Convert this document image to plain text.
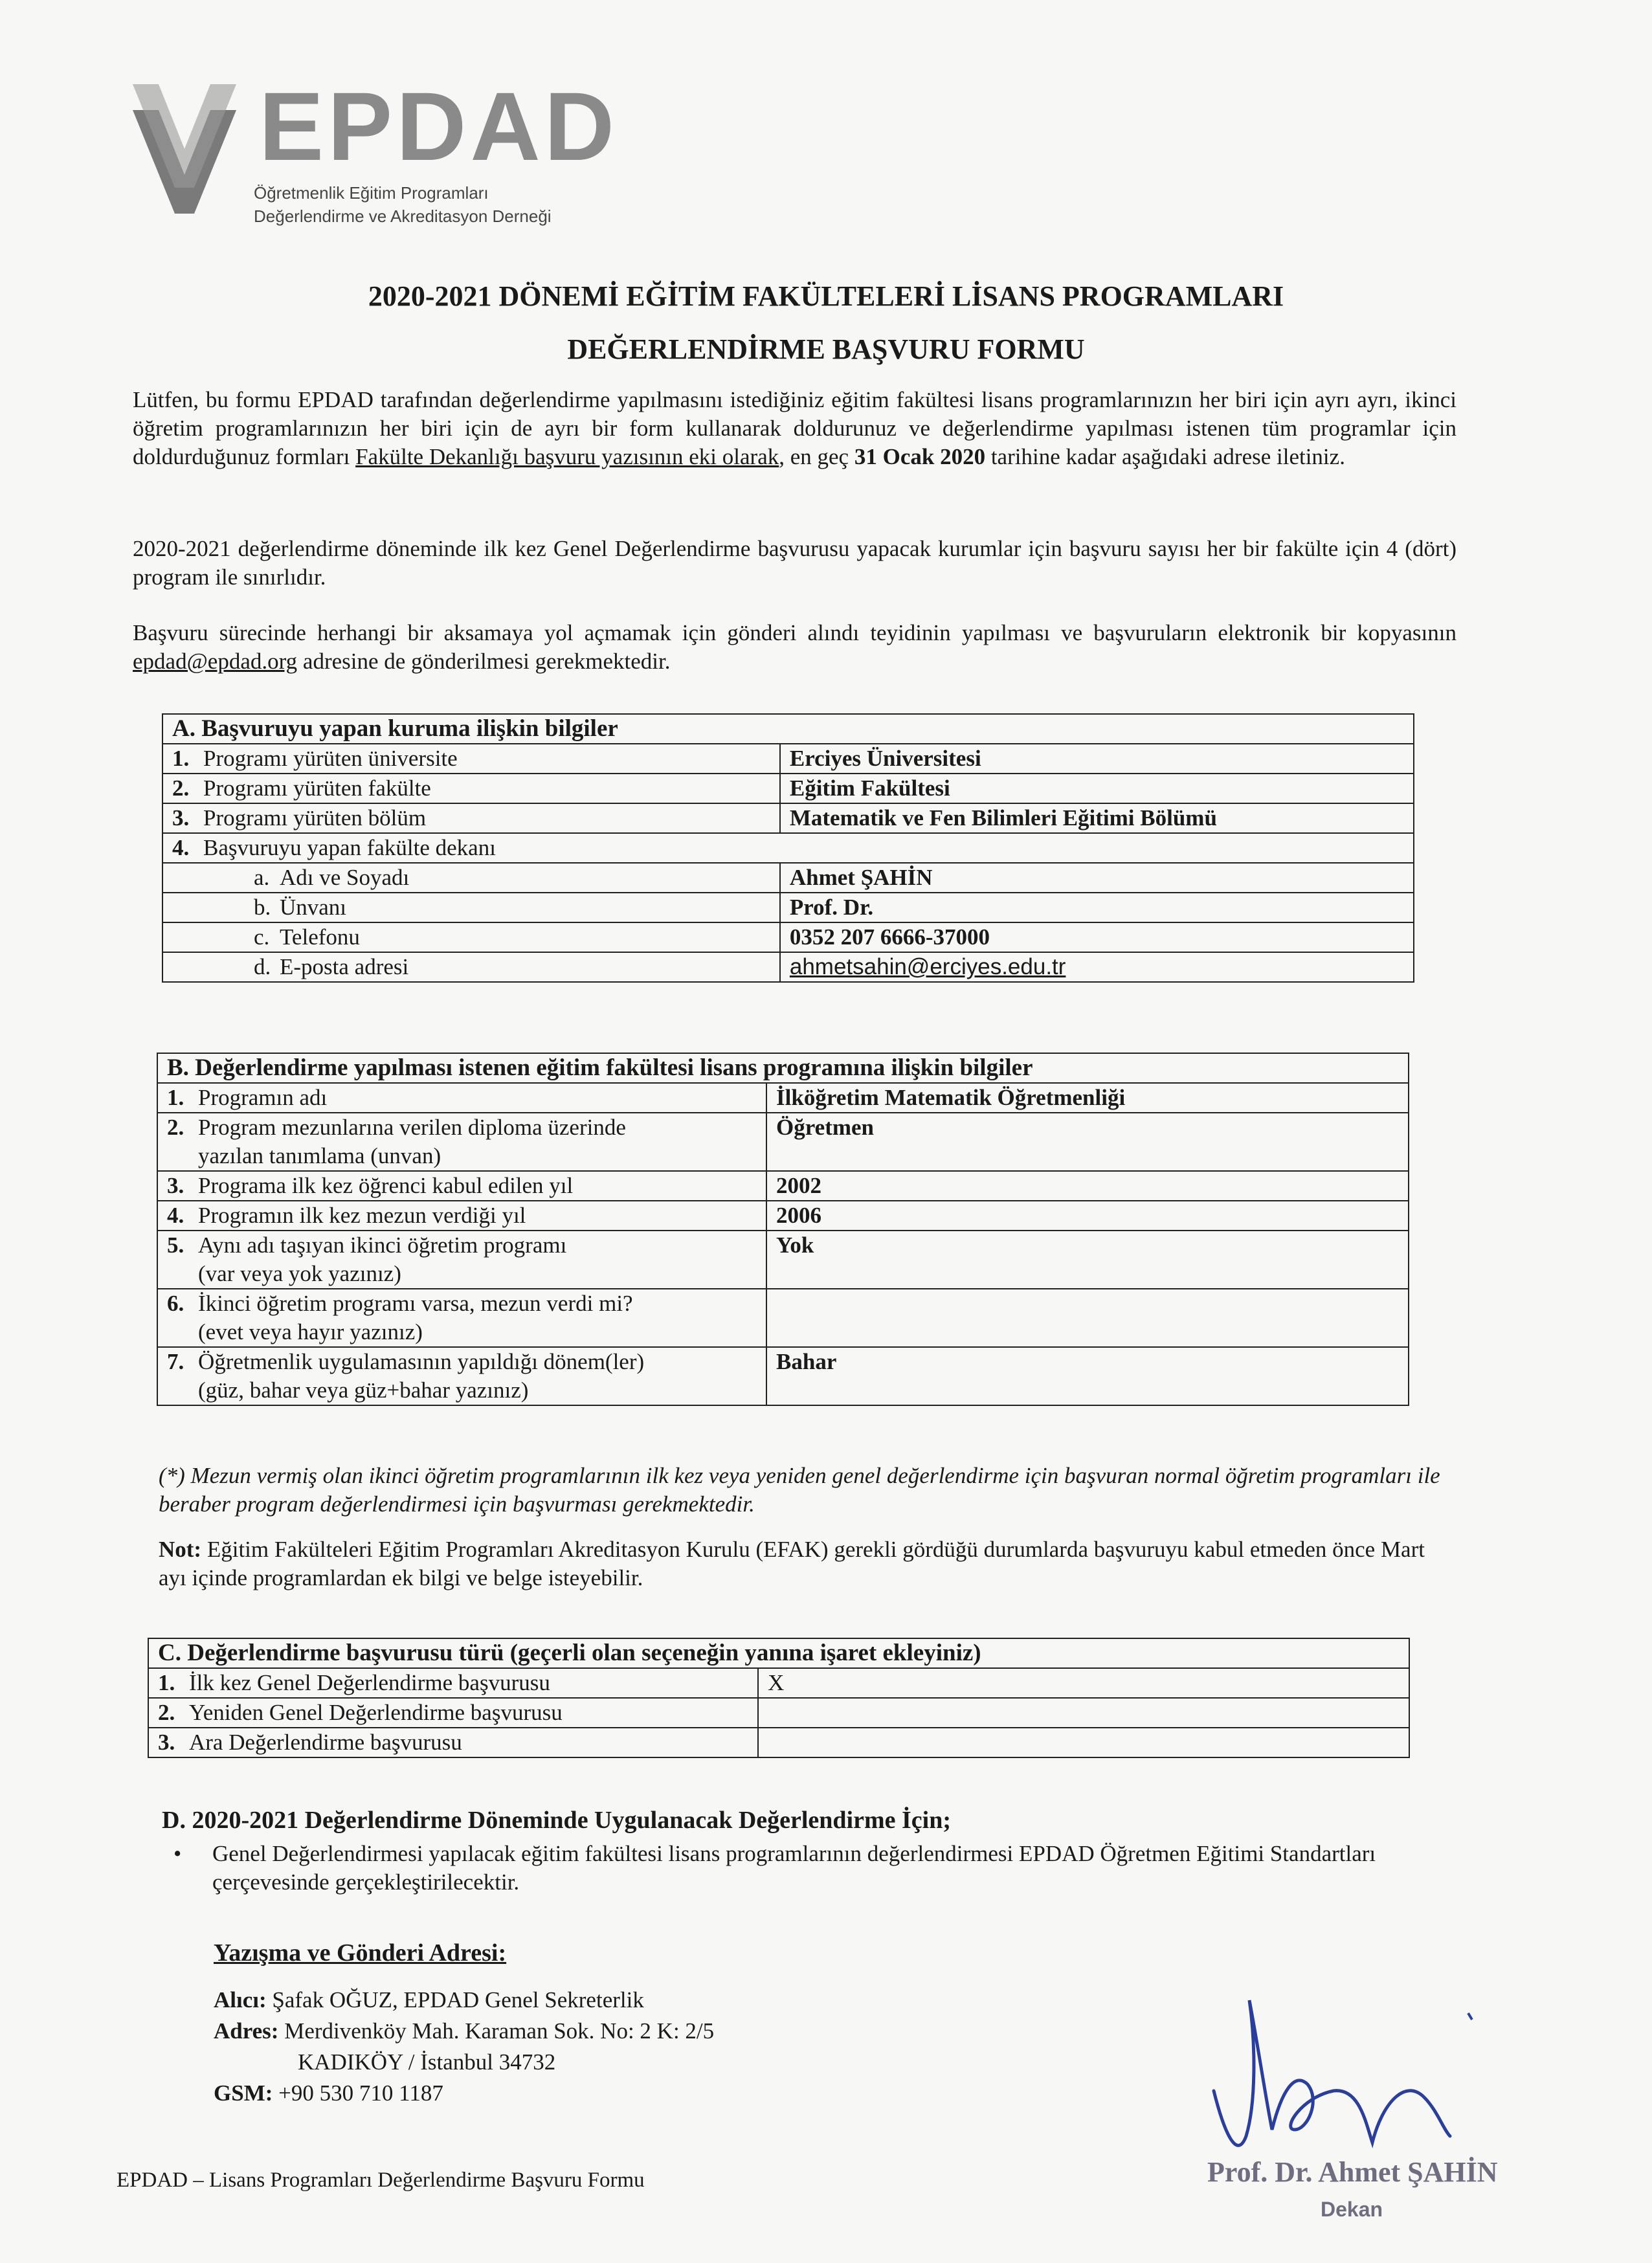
EPDAD
Öğretmenlik Eğitim Programları
Değerlendirme ve Akreditasyon Derneği
2020-2021 DÖNEMİ EĞİTİM FAKÜLTELERİ LİSANS PROGRAMLARI
DEĞERLENDİRME BAŞVURU FORMU
Lütfen, bu formu EPDAD tarafından değerlendirme yapılmasını istediğiniz eğitim fakültesi lisans programlarınızın her biri için ayrı ayrı, ikinci öğretim programlarınızın her biri için de ayrı bir form kullanarak doldurunuz ve değerlendirme yapılması istenen tüm programlar için doldurduğunuz formları Fakülte Dekanlığı başvuru yazısının eki olarak, en geç 31 Ocak 2020 tarihine kadar aşağıdaki adrese iletiniz.
2020-2021 değerlendirme döneminde ilk kez Genel Değerlendirme başvurusu yapacak kurumlar için başvuru sayısı her bir fakülte için 4 (dört) program ile sınırlıdır.
Başvuru sürecinde herhangi bir aksamaya yol açmamak için gönderi alındı teyidinin yapılması ve başvuruların elektronik bir kopyasının epdad@epdad.org adresine de gönderilmesi gerekmektedir.
A. Başvuruyu yapan kuruma ilişkin bilgiler	
1. Programı yürüten üniversite	Erciyes Üniversitesi
2. Programı yürüten fakülte	Eğitim Fakültesi
3. Programı yürüten bölüm	Matematik ve Fen Bilimleri Eğitimi Bölümü
4. Başvuruyu yapan fakülte dekanı	
a. Adı ve Soyadı	Ahmet ŞAHİN
b. Ünvanı	Prof. Dr.
c. Telefonu	0352 207 6666-37000
d. E-posta adresi	ahmetsahin@erciyes.edu.tr
B. Değerlendirme yapılması istenen eğitim fakültesi lisans programına ilişkin bilgiler	
1. Programın adı	İlköğretim Matematik Öğretmenliği
2. Program mezunlarına verilen diploma üzerinde
yazılan tanımlama (unvan)	Öğretmen
3. Programa ilk kez öğrenci kabul edilen yıl	2002
4. Programın ilk kez mezun verdiği yıl	2006
5. Aynı adı taşıyan ikinci öğretim programı
(var veya yok yazınız)	Yok
6. İkinci öğretim programı varsa, mezun verdi mi?
(evet veya hayır yazınız)	
7. Öğretmenlik uygulamasının yapıldığı dönem(ler)
(güz, bahar veya güz+bahar yazınız)	Bahar
(*) Mezun vermiş olan ikinci öğretim programlarının ilk kez veya yeniden genel değerlendirme için başvuran normal öğretim programları ile beraber program değerlendirmesi için başvurması gerekmektedir.
Not: Eğitim Fakülteleri Eğitim Programları Akreditasyon Kurulu (EFAK) gerekli gördüğü durumlarda başvuruyu kabul etmeden önce Mart ayı içinde programlardan ek bilgi ve belge isteyebilir.
C. Değerlendirme başvurusu türü (geçerli olan seçeneğin yanına işaret ekleyiniz)	
1. İlk kez Genel Değerlendirme başvurusu	X
2. Yeniden Genel Değerlendirme başvurusu	
3. Ara Değerlendirme başvurusu	
D. 2020-2021 Değerlendirme Döneminde Uygulanacak Değerlendirme İçin;
• Genel Değerlendirmesi yapılacak eğitim fakültesi lisans programlarının değerlendirmesi EPDAD Öğretmen Eğitimi Standartları çerçevesinde gerçekleştirilecektir.
Yazışma ve Gönderi Adresi:
Alıcı: Şafak OĞUZ, EPDAD Genel Sekreterlik
Adres: Merdivenköy Mah. Karaman Sok. No: 2 K: 2/5
KADIKÖY / İstanbul 34732
GSM: +90 530 710 1187
EPDAD – Lisans Programları Değerlendirme Başvuru Formu	Prof. Dr. Ahmet ŞAHİN
Dekan
